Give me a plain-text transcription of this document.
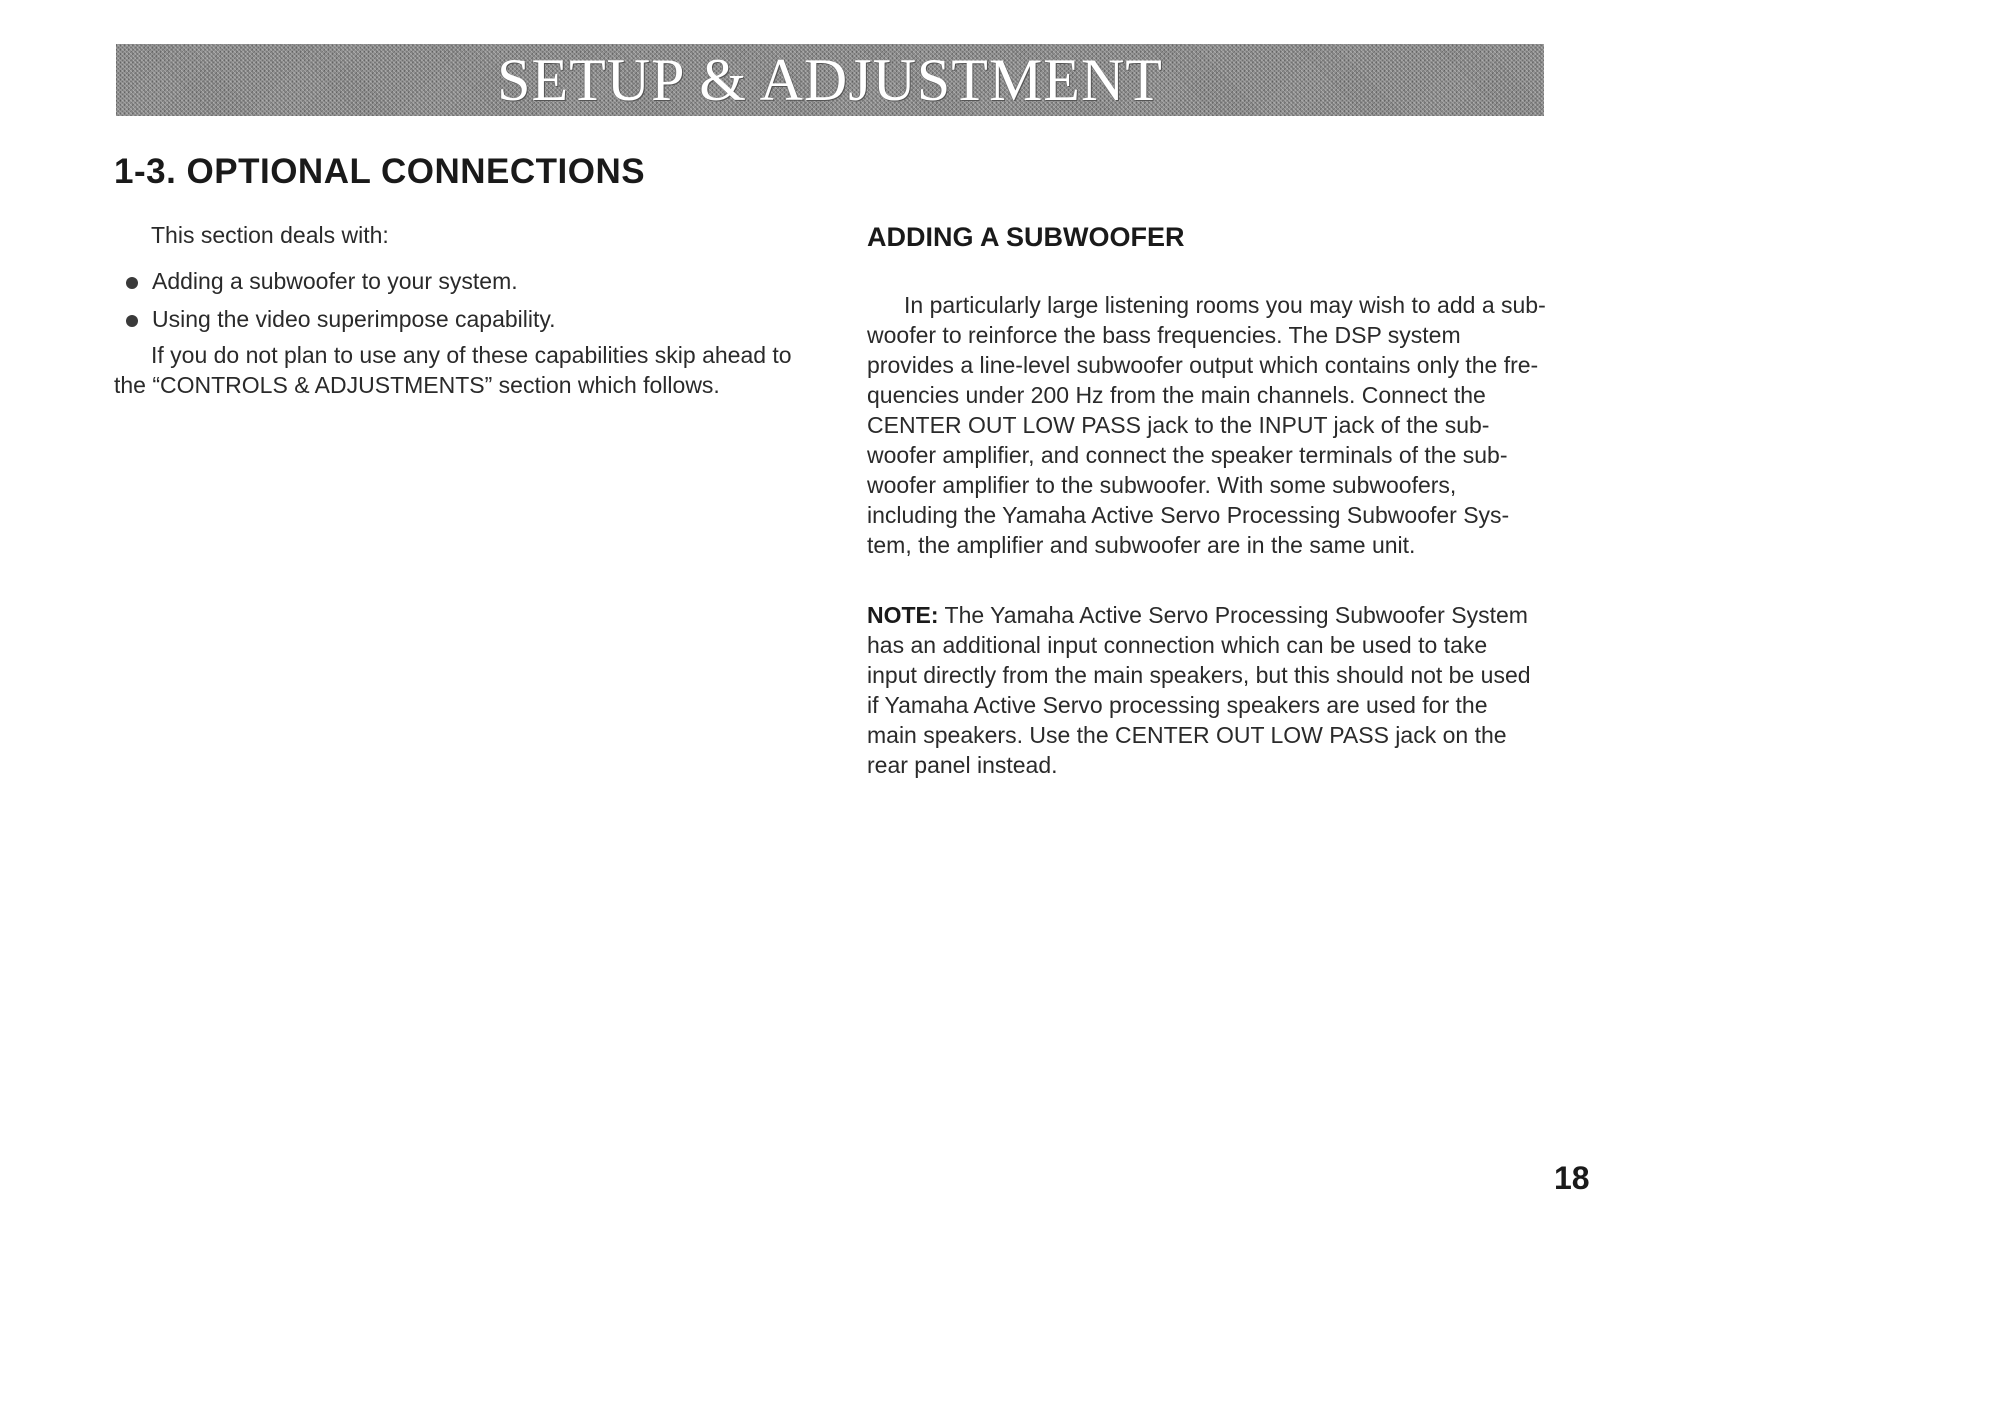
SETUP & ADJUSTMENT
1-3. OPTIONAL CONNECTIONS

This section deals with:

Adding a subwoofer to your system.
Using the video superimpose capability.

If you do not plan to use any of these capabilities skip ahead to the “CONTROLS & ADJUSTMENTS” section which follows.

ADDING A SUBWOOFER

In particularly large listening rooms you may wish to add a sub-
woofer to reinforce the bass frequencies. The DSP system
provides a line-level subwoofer output which contains only the fre-
quencies under 200 Hz from the main channels. Connect the
CENTER OUT LOW PASS jack to the INPUT jack of the sub-
woofer amplifier, and connect the speaker terminals of the sub-
woofer amplifier to the subwoofer. With some subwoofers,
including the Yamaha Active Servo Processing Subwoofer Sys-
tem, the amplifier and subwoofer are in the same unit.

NOTE: The Yamaha Active Servo Processing Subwoofer System
has an additional input connection which can be used to take
input directly from the main speakers, but this should not be used
if Yamaha Active Servo processing speakers are used for the
main speakers. Use the CENTER OUT LOW PASS jack on the
rear panel instead.

18
